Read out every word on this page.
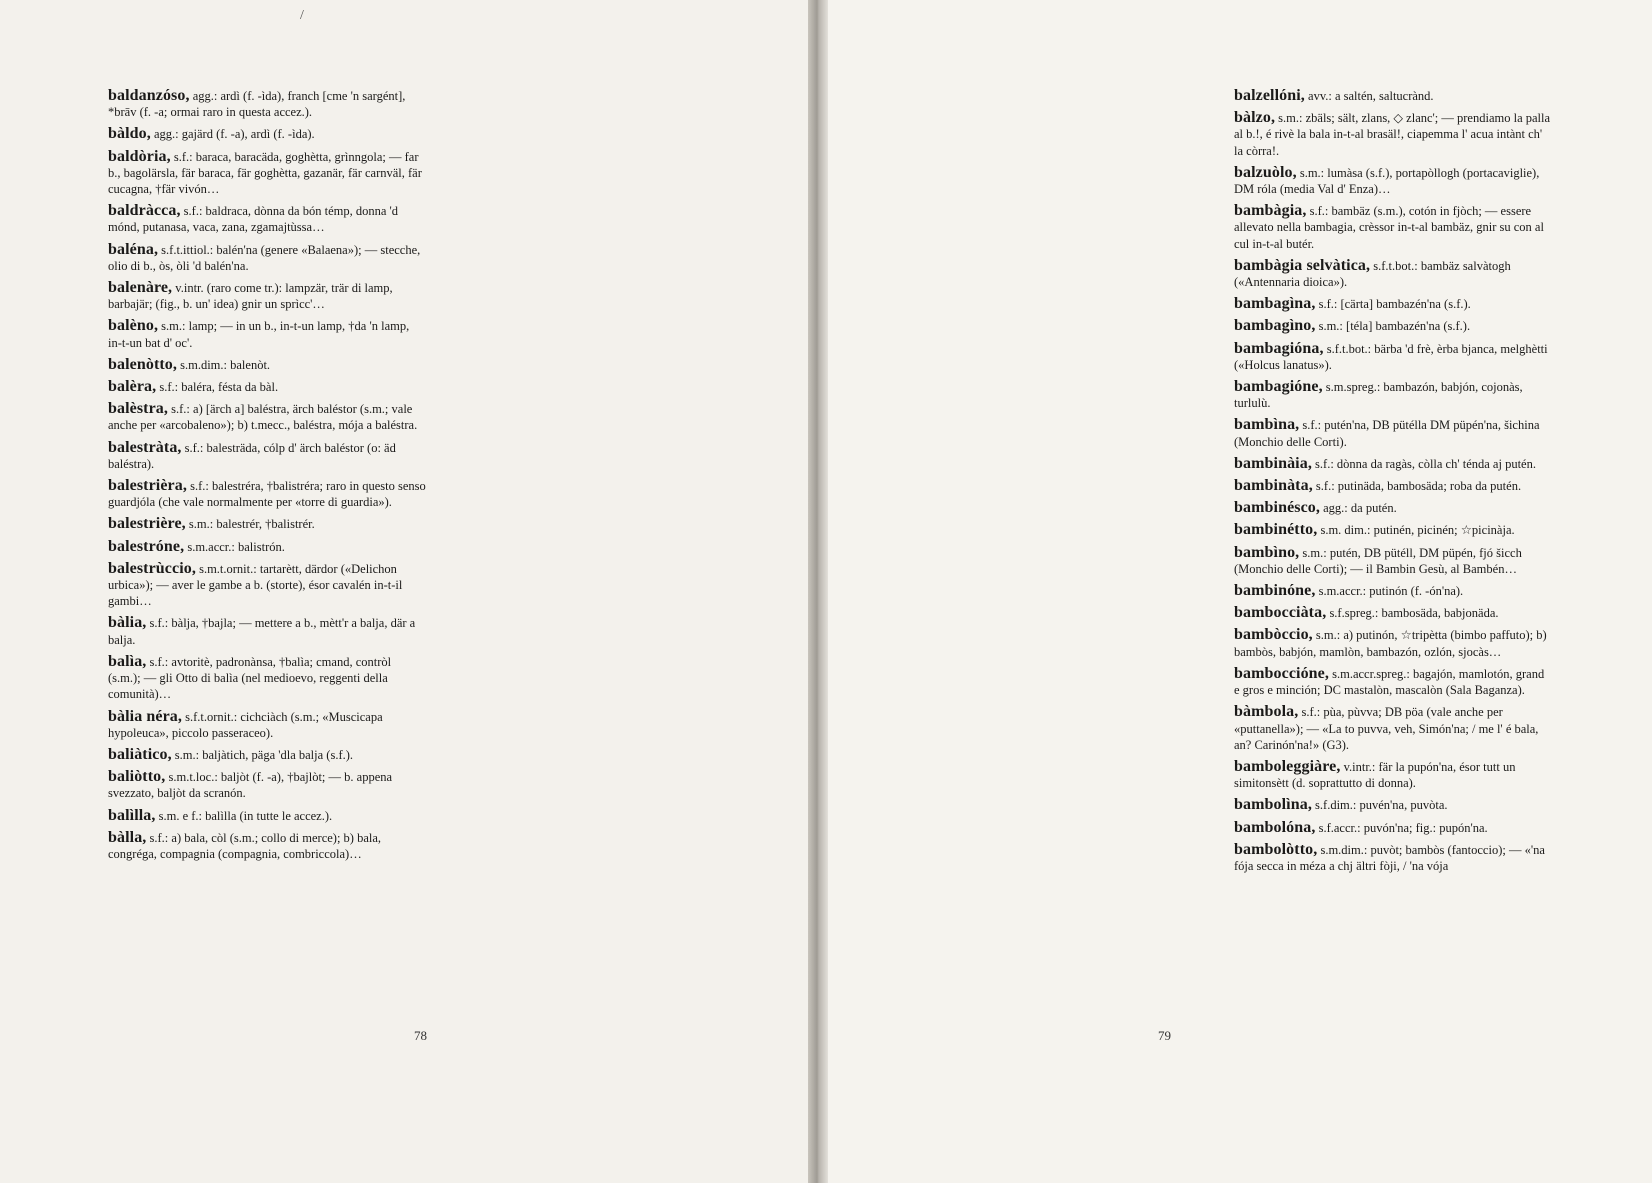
/

baldanzóso, agg.: ardì (f. -ìda), franch [cme 'n sargént], *brāv (f. -a; ormai raro in questa accez.).

bàldo, agg.: gajärd (f. -a), ardì (f. -ìda).

baldòria, s.f.: baraca, baracäda, goghètta, grìnngola; — far b., bagolärsla, fär baraca, fär goghètta, gazanär, fär carnväl, fär cucagna, †fär vivón…

baldràcca, s.f.: baldraca, dònna da bón témp, donna 'd mónd, putanasa, vaca, zana, zgamajtùssa…

baléna, s.f.t.ittiol.: balén'na (genere «Balaena»); — stecche, olio di b., òs, òli 'd balén'na.

balenàre, v.intr. (raro come tr.): lampzär, trär di lamp, barbajär; (fig., b. un' idea) gnir un sprìcc'…

balèno, s.m.: lamp; — in un b., in-t-un lamp, †da 'n lamp, in-t-un bat d' oc'.

balenòtto, s.m.dim.: balenòt.

balèra, s.f.: baléra, fésta da bàl.

balèstra, s.f.: a) [ärch a] baléstra, ärch baléstor (s.m.; vale anche per «arcobaleno»); b) t.mecc., baléstra, mója a baléstra.

balestràta, s.f.: balesträda, cólp d' ärch baléstor (o: äd baléstra).

balestrièra, s.f.: balestréra, †balistréra; raro in questo senso guardjóla (che vale normalmente per «torre di guardia»).

balestrière, s.m.: balestrér, †balistrér.

balestróne, s.m.accr.: balistrón.

balestrùccio, s.m.t.ornit.: tartarètt, därdor («Delichon urbica»); — aver le gambe a b. (storte), ésor cavalén in-t-il gambi…

bàlia, s.f.: bàlja, †bajla; — mettere a b., mètt'r a balja, där a balja.

balìa, s.f.: avtoritè, padronànsa, †balìa; cmand, contròl (s.m.); — gli Otto di balìa (nel medioevo, reggenti della comunità)…

bàlia néra, s.f.t.ornit.: cichciàch (s.m.; «Muscicapa hypoleuca», piccolo passeraceo).

baliàtico, s.m.: baljàtich, päga 'dla balja (s.f.).

baliòtto, s.m.t.loc.: baljòt (f. -a), †bajlòt; — b. appena svezzato, baljòt da scranón.

balìlla, s.m. e f.: balìlla (in tutte le accez.).

bàlla, s.f.: a) bala, còl (s.m.; collo di merce); b) bala, congréga, compagnia (compagnia, combriccola)…

78

balzellóni, avv.: a saltén, saltucrànd.

bàlzo, s.m.: zbäls; sält, zlans, ◇ zlanc'; — prendiamo la palla al b.!, é rivè la bala in-t-al brasäl!, ciapemma l' acua intànt ch' la còrra!.

balzuòlo, s.m.: lumàsa (s.f.), portapòllogh (portacaviglie), DM róla (media Val d' Enza)…

bambàgia, s.f.: bambäz (s.m.), cotón in fjòch; — essere allevato nella bambagia, crèssor in-t-al bambäz, gnir su con al cul in-t-al butér.

bambàgia selvàtica, s.f.t.bot.: bambäz salvàtogh («Antennaria dioica»).

bambagìna, s.f.: [cärta] bambazén'na (s.f.).

bambagìno, s.m.: [téla] bambazén'na (s.f.).

bambagióna, s.f.t.bot.: bärba 'd frè, èrba bjanca, melghètti («Holcus lanatus»).

bambagióne, s.m.spreg.: bambazón, babjón, cojonàs, turlulù.

bambìna, s.f.: putén'na, DB pütélla DM püpén'na, šichina (Monchio delle Corti).

bambinàia, s.f.: dònna da ragàs, còlla ch' ténda aj putén.

bambinàta, s.f.: putinäda, bambosäda; roba da putén.

bambinésco, agg.: da putén.

bambinétto, s.m. dim.: putinén, picinén; ☆picinàja.

bambìno, s.m.: putén, DB pütéll, DM püpén, fjó šicch (Monchio delle Corti); — il Bambin Gesù, al Bambén…

bambinóne, s.m.accr.: putinón (f. -ón'na).

bambocciàta, s.f.spreg.: bambosäda, babjonäda.

bambòccio, s.m.: a) putinón, ☆tripètta (bimbo paffuto); b) bambòs, babjón, mamlòn, bambazón, ozlón, sjocàs…

bamboccióne, s.m.accr.spreg.: bagajón, mamlotón, grand e gros e minción; DC mastalòn, mascalòn (Sala Baganza).

bàmbola, s.f.: pùa, pùvva; DB pöa (vale anche per «puttanella»); — «La to puvva, veh, Simón'na; / me l' é bala, an? Carinón'na!» (G3).

bamboleggiàre, v.intr.: fär la pupón'na, ésor tutt un simitonsètt (d. soprattutto di donna).

bambolìna, s.f.dim.: puvén'na, puvòta.

bambolóna, s.f.accr.: puvón'na; fig.: pupón'na.

bambolòtto, s.m.dim.: puvòt; bambòs (fantoccio); — «'na fója secca in méza a chj ältri fòji, / 'na vója

79
